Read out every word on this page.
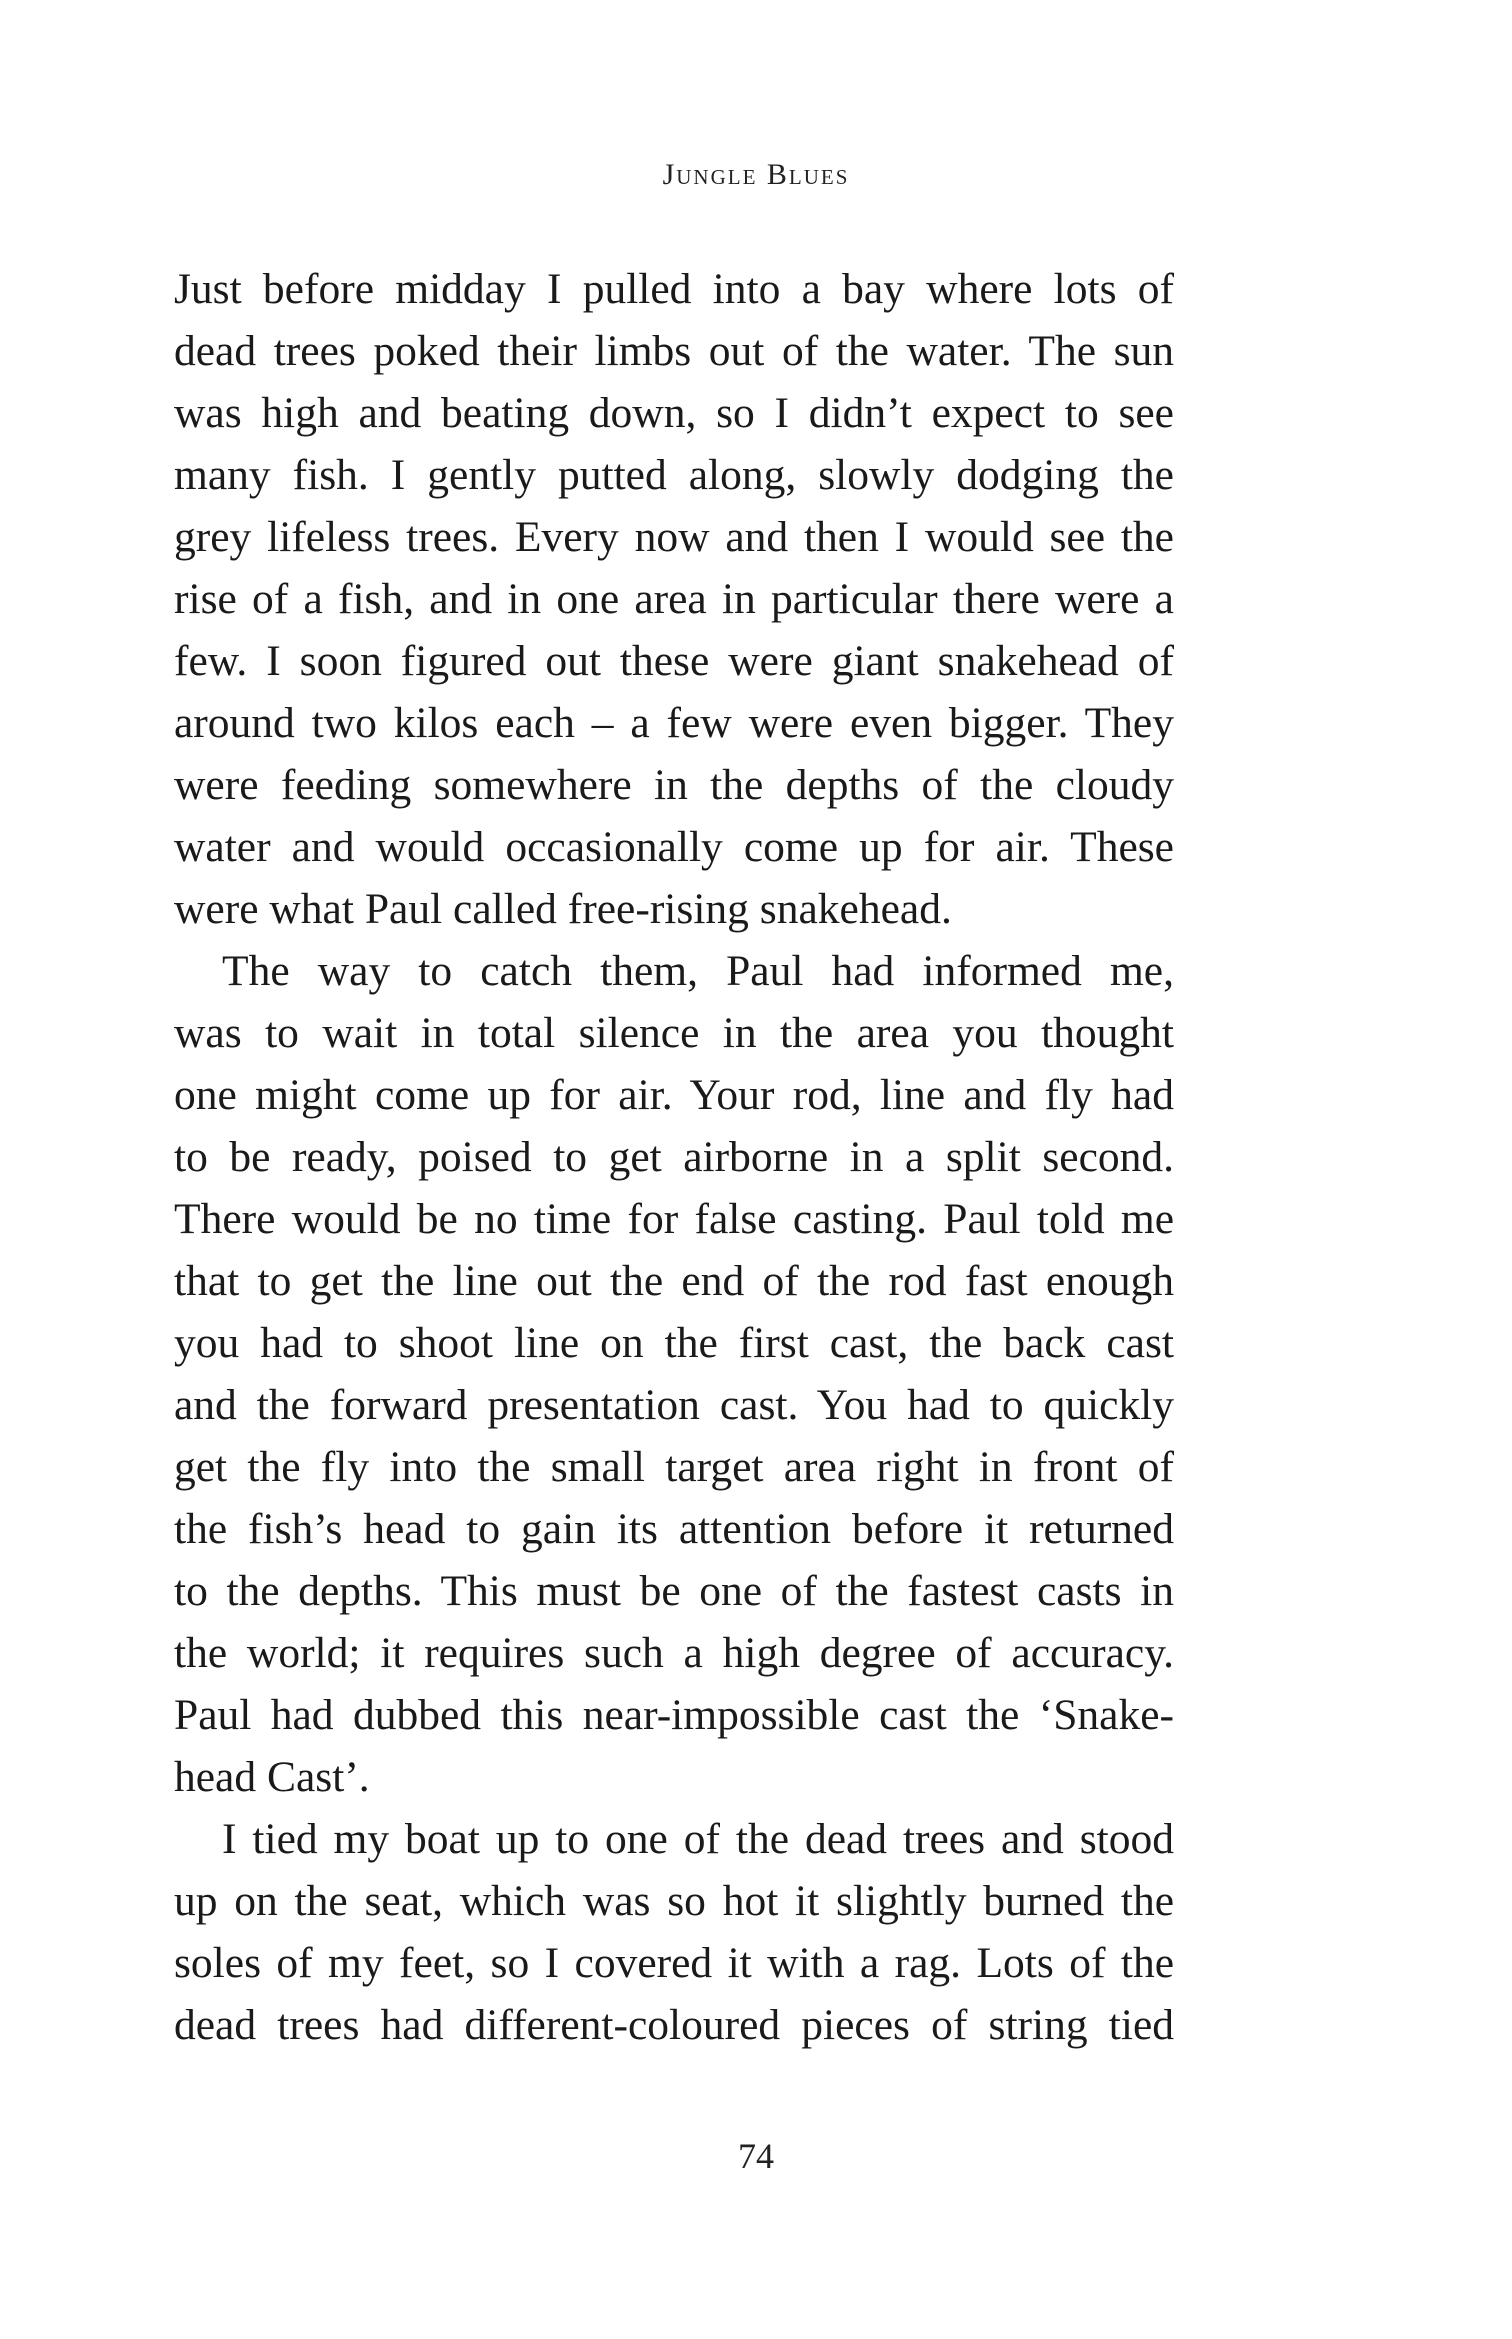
Jungle Blues
Just before midday I pulled into a bay where lots of
dead trees poked their limbs out of the water. The sun
was high and beating down, so I didn’t expect to see
many fish. I gently putted along, slowly dodging the
grey lifeless trees. Every now and then I would see the
rise of a fish, and in one area in particular there were a
few. I soon figured out these were giant snakehead of
around two kilos each – a few were even bigger. They
were feeding somewhere in the depths of the cloudy
water and would occasionally come up for air. These
were what Paul called free-rising snakehead.
The way to catch them, Paul had informed me,
was to wait in total silence in the area you thought
one might come up for air. Your rod, line and fly had
to be ready, poised to get airborne in a split second.
There would be no time for false casting. Paul told me
that to get the line out the end of the rod fast enough
you had to shoot line on the first cast, the back cast
and the forward presentation cast. You had to quickly
get the fly into the small target area right in front of
the fish’s head to gain its attention before it returned
to the depths. This must be one of the fastest casts in
the world; it requires such a high degree of accuracy.
Paul had dubbed this near-impossible cast the ‘Snake-
head Cast’.
I tied my boat up to one of the dead trees and stood
up on the seat, which was so hot it slightly burned the
soles of my feet, so I covered it with a rag. Lots of the
dead trees had different-coloured pieces of string tied
74
